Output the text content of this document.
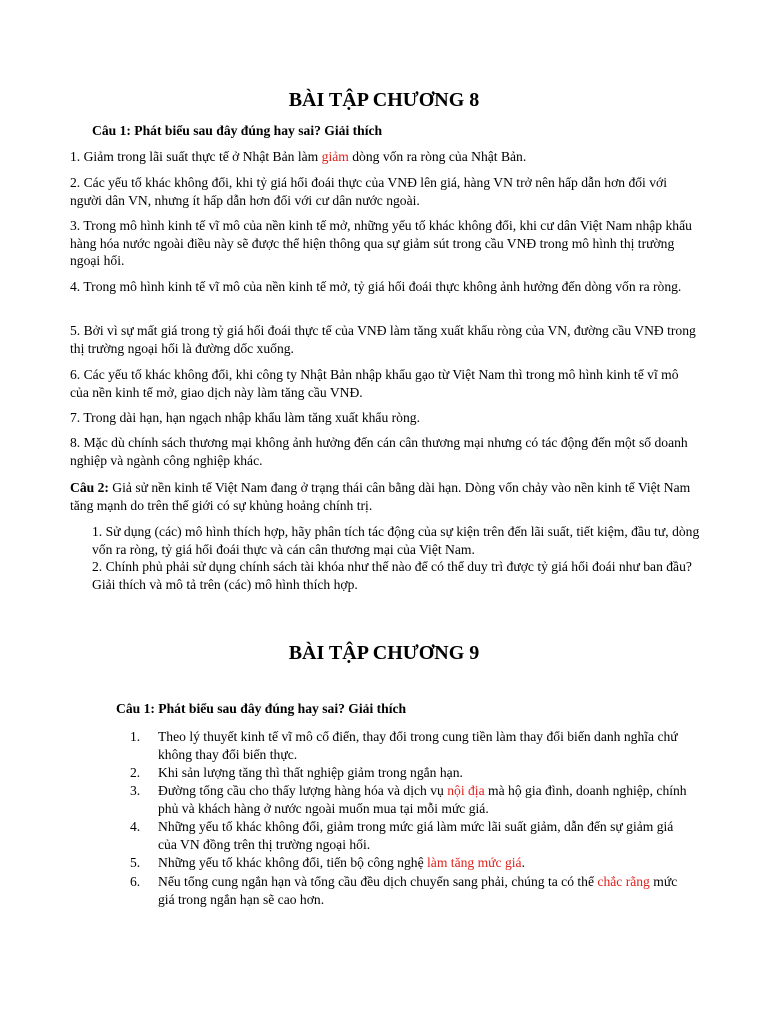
BÀI TẬP CHƯƠNG 8
Câu 1: Phát biểu sau đây đúng hay sai? Giải thích

1. Giảm trong lãi suất thực tế ở Nhật Bản làm giảm dòng vốn ra ròng của Nhật Bản.

2. Các yếu tố khác không đổi, khi tỷ giá hối đoái thực của VNĐ lên giá, hàng VN trở nên hấp dẫn hơn đối với người dân VN, nhưng ít hấp dẫn hơn đối với cư dân nước ngoài.

3. Trong mô hình kinh tế vĩ mô của nền kinh tế mở, những yếu tố khác không đổi, khi cư dân Việt Nam nhập khẩu hàng hóa nước ngoài điều này sẽ được thể hiện thông qua sự giảm sút trong cầu VNĐ trong mô hình thị trường ngoại hối.

4. Trong mô hình kinh tế vĩ mô của nền kinh tế mở, tỷ giá hối đoái thực không ảnh hưởng đến dòng vốn ra ròng.

5. Bởi vì sự mất giá trong tỷ giá hối đoái thực tế của VNĐ làm tăng xuất khẩu ròng của VN, đường cầu VNĐ trong thị trường ngoại hối là đường dốc xuống.

6. Các yếu tố khác không đổi, khi công ty Nhật Bản nhập khẩu gạo từ Việt Nam thì trong mô hình kinh tế vĩ mô của nền kinh tế mở, giao dịch này làm tăng cầu VNĐ.

7. Trong dài hạn, hạn ngạch nhập khẩu làm tăng xuất khẩu ròng.

8. Mặc dù chính sách thương mại không ảnh hưởng đến cán cân thương mại nhưng có tác động đến một số doanh nghiệp và ngành công nghiệp khác.

Câu 2: Giả sử nền kinh tế Việt Nam đang ở trạng thái cân bằng dài hạn. Dòng vốn chảy vào nền kinh tế Việt Nam tăng mạnh do trên thế giới có sự khủng hoảng chính trị.

1. Sử dụng (các) mô hình thích hợp, hãy phân tích tác động của sự kiện trên đến lãi suất, tiết kiệm, đầu tư, dòng vốn ra ròng, tỷ giá hối đoái thực và cán cân thương mại của Việt Nam.

2. Chính phủ phải sử dụng chính sách tài khóa như thế nào để có thể duy trì được tỷ giá hối đoái như ban đầu? Giải thích và mô tả trên (các) mô hình thích hợp.

BÀI TẬP CHƯƠNG 9
Câu 1: Phát biểu sau đây đúng hay sai? Giải thích
1.	Theo lý thuyết kinh tế vĩ mô cổ điển, thay đổi trong cung tiền làm thay đổi biến danh nghĩa chứ không thay đổi biến thực.
2.	Khi sản lượng tăng thì thất nghiệp giảm trong ngắn hạn.
3.	Đường tổng cầu cho thấy lượng hàng hóa và dịch vụ nội địa mà hộ gia đình, doanh nghiệp, chính phủ và khách hàng ở nước ngoài muốn mua tại mỗi mức giá.
4.	Những yếu tố khác không đổi, giảm trong mức giá làm mức lãi suất giảm, dẫn đến sự giảm giá của VN đồng trên thị trường ngoại hối.
5.	Những yếu tố khác không đổi, tiến bộ công nghệ làm tăng mức giá.
6.	Nếu tổng cung ngắn hạn và tổng cầu đều dịch chuyển sang phải, chúng ta có thể chắc rằng mức giá trong ngắn hạn sẽ cao hơn.
